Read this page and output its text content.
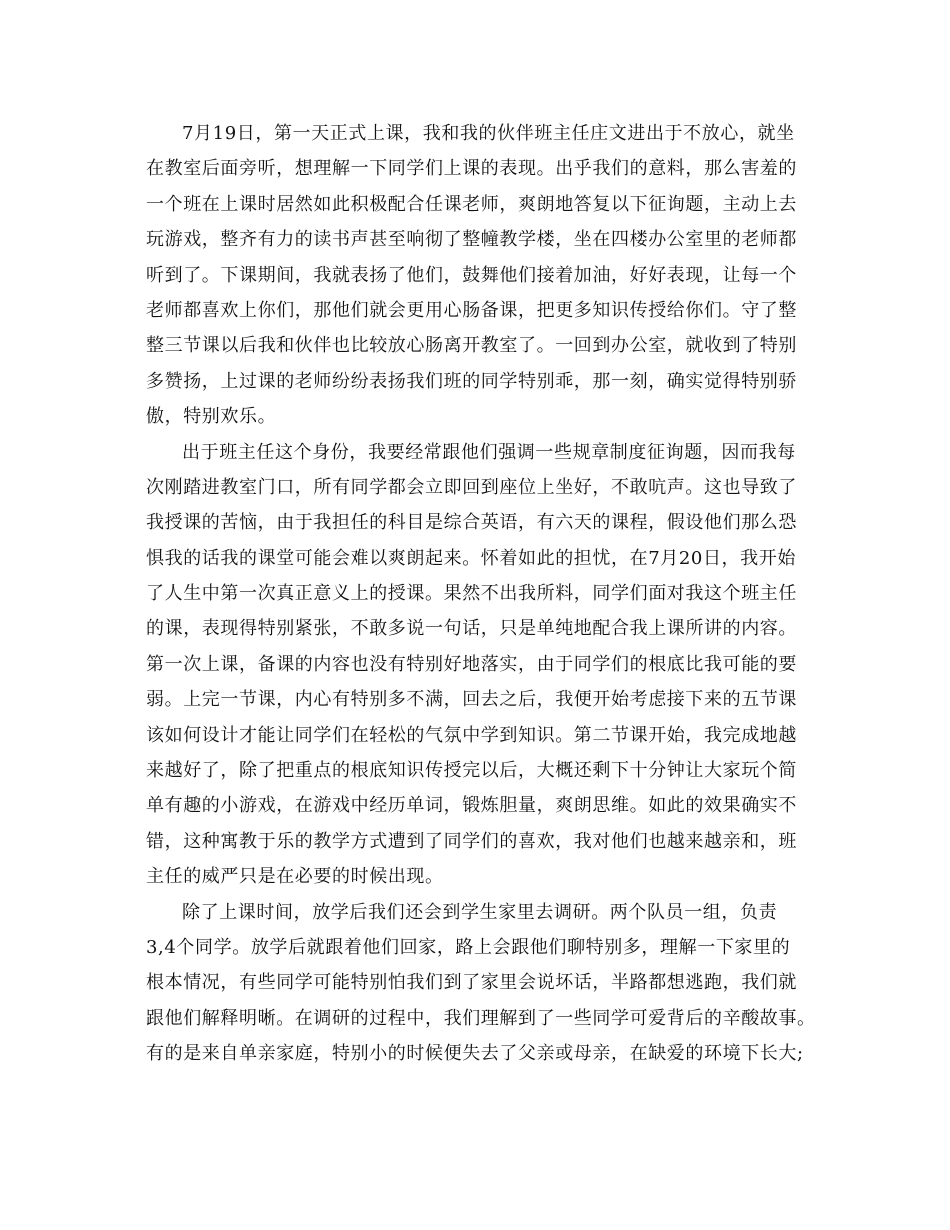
7月19日，第一天正式上课，我和我的伙伴班主任庄文进出于不放心，就坐
在教室后面旁听，想理解一下同学们上课的表现。出乎我们的意料，那么害羞的
一个班在上课时居然如此积极配合任课老师，爽朗地答复以下征询题，主动上去
玩游戏，整齐有力的读书声甚至响彻了整幢教学楼，坐在四楼办公室里的老师都
听到了。下课期间，我就表扬了他们，鼓舞他们接着加油，好好表现，让每一个
老师都喜欢上你们，那他们就会更用心肠备课，把更多知识传授给你们。守了整
整三节课以后我和伙伴也比较放心肠离开教室了。一回到办公室，就收到了特别
多赞扬，上过课的老师纷纷表扬我们班的同学特别乖，那一刻，确实觉得特别骄
傲，特别欢乐。
出于班主任这个身份，我要经常跟他们强调一些规章制度征询题，因而我每
次刚踏进教室门口，所有同学都会立即回到座位上坐好，不敢吭声。这也导致了
我授课的苦恼，由于我担任的科目是综合英语，有六天的课程，假设他们那么恐
惧我的话我的课堂可能会难以爽朗起来。怀着如此的担忧，在7月20日，我开始
了人生中第一次真正意义上的授课。果然不出我所料，同学们面对我这个班主任
的课，表现得特别紧张，不敢多说一句话，只是单纯地配合我上课所讲的内容。
第一次上课，备课的内容也没有特别好地落实，由于同学们的根底比我可能的要
弱。上完一节课，内心有特别多不满，回去之后，我便开始考虑接下来的五节课
该如何设计才能让同学们在轻松的气氛中学到知识。第二节课开始，我完成地越
来越好了，除了把重点的根底知识传授完以后，大概还剩下十分钟让大家玩个简
单有趣的小游戏，在游戏中经历单词，锻炼胆量，爽朗思维。如此的效果确实不
错，这种寓教于乐的教学方式遭到了同学们的喜欢，我对他们也越来越亲和，班
主任的威严只是在必要的时候出现。
除了上课时间，放学后我们还会到学生家里去调研。两个队员一组，负责
3,4个同学。放学后就跟着他们回家，路上会跟他们聊特别多，理解一下家里的
根本情况，有些同学可能特别怕我们到了家里会说坏话，半路都想逃跑，我们就
跟他们解释明晰。在调研的过程中，我们理解到了一些同学可爱背后的辛酸故事。
有的是来自单亲家庭，特别小的时候便失去了父亲或母亲，在缺爱的环境下长大;
